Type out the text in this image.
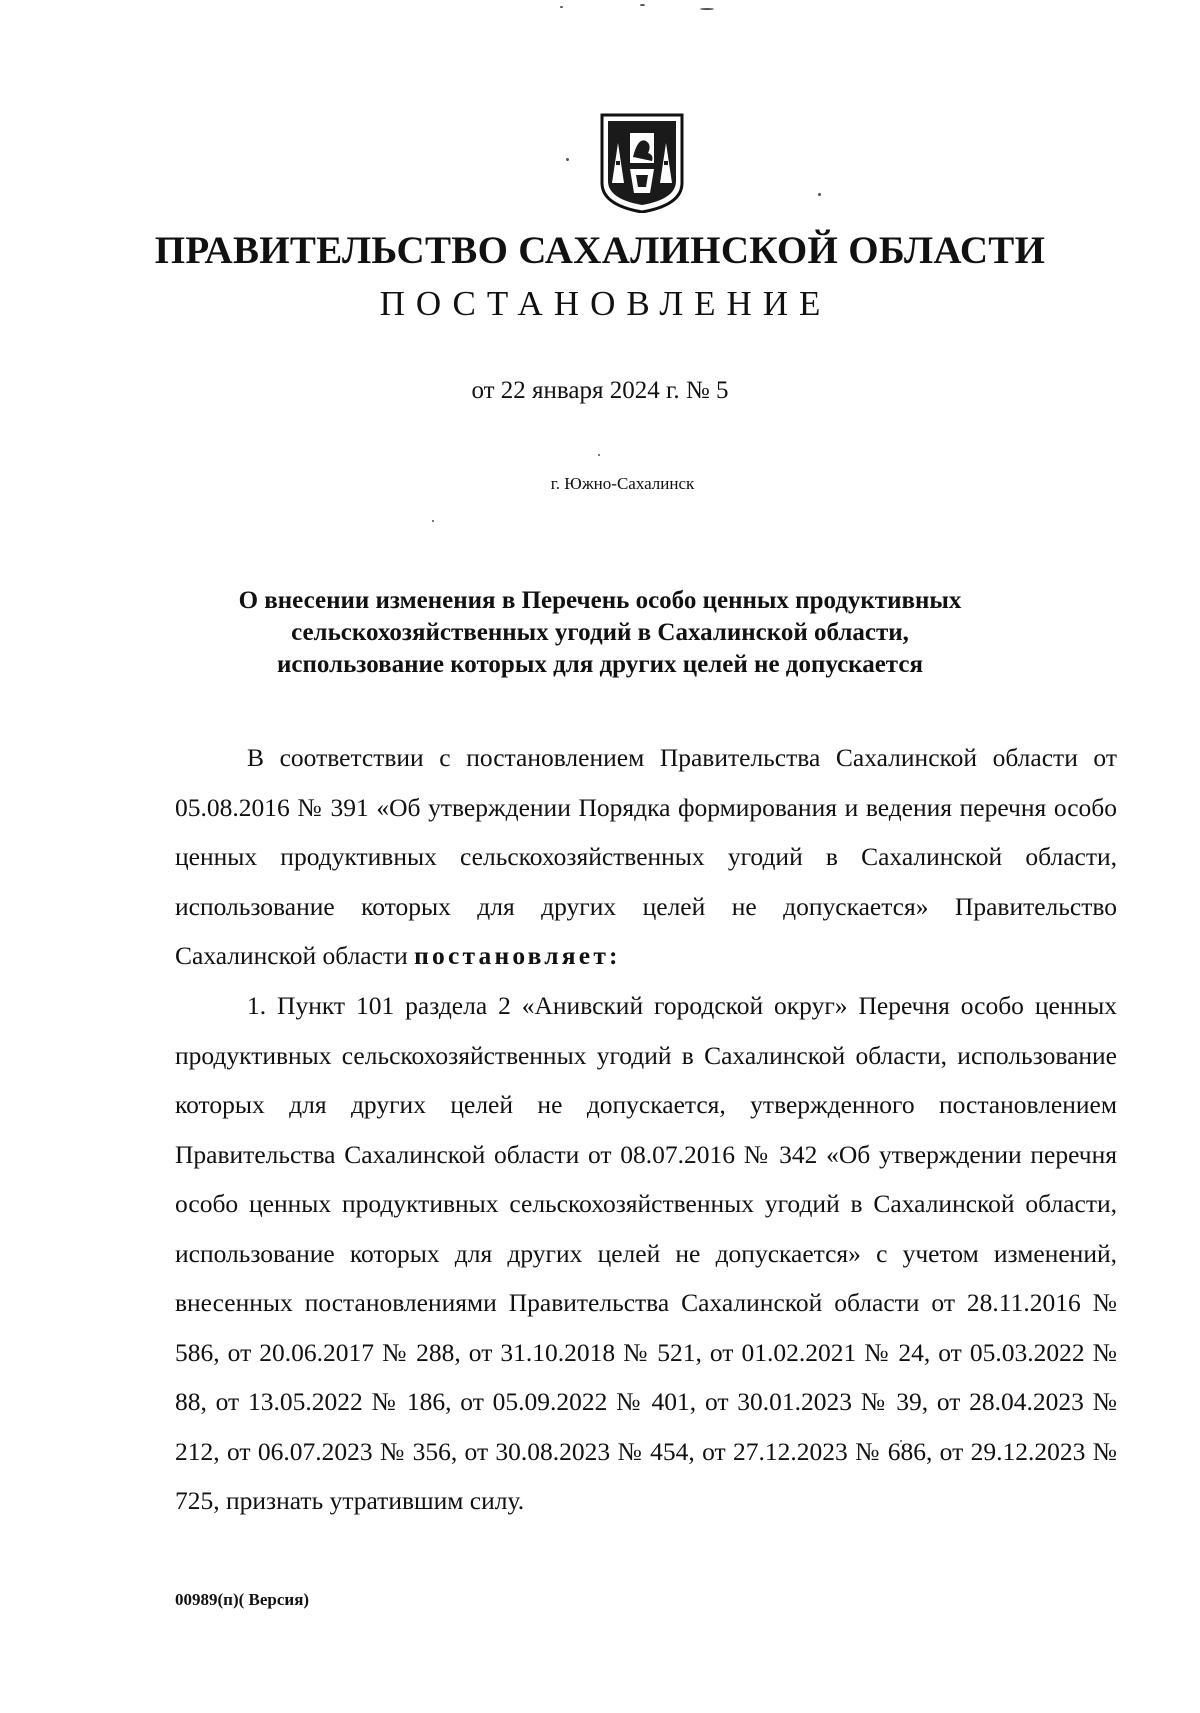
ПРАВИТЕЛЬСТВО САХАЛИНСКОЙ ОБЛАСТИ
ПОСТАНОВЛЕНИЕ
от 22 января 2024 г. № 5
г. Южно-Сахалинск
О внесении изменения в Перечень особо ценных продуктивных
сельскохозяйственных угодий в Сахалинской области,
использование которых для других целей не допускается

В соответствии с постановлением Правительства Сахалинской области от 05.08.2016 № 391 «Об утверждении Порядка формирования и ведения перечня особо ценных продуктивных сельскохозяйственных угодий в Сахалинской области, использование которых для других целей не допускается» Правительство Сахалинской области постановляет:

1. Пункт 101 раздела 2 «Анивский городской округ» Перечня особо ценных продуктивных сельскохозяйственных угодий в Сахалинской области, использование которых для других целей не допускается, утвержденного постановлением Правительства Сахалинской области от 08.07.2016 № 342 «Об утверждении перечня особо ценных продуктивных сельскохозяйственных угодий в Сахалинской области, использование которых для других целей не допускается» с учетом изменений, внесенных постановлениями Правительства Сахалинской области от 28.11.2016 № 586, от 20.06.2017 № 288, от 31.10.2018 № 521, от 01.02.2021 № 24, от 05.03.2022 № 88, от 13.05.2022 № 186, от 05.09.2022 № 401, от 30.01.2023 № 39, от 28.04.2023 № 212, от 06.07.2023 № 356, от 30.08.2023 № 454, от 27.12.2023 № 686, от 29.12.2023 № 725, признать утратившим силу.

00989(п)( Версия)
